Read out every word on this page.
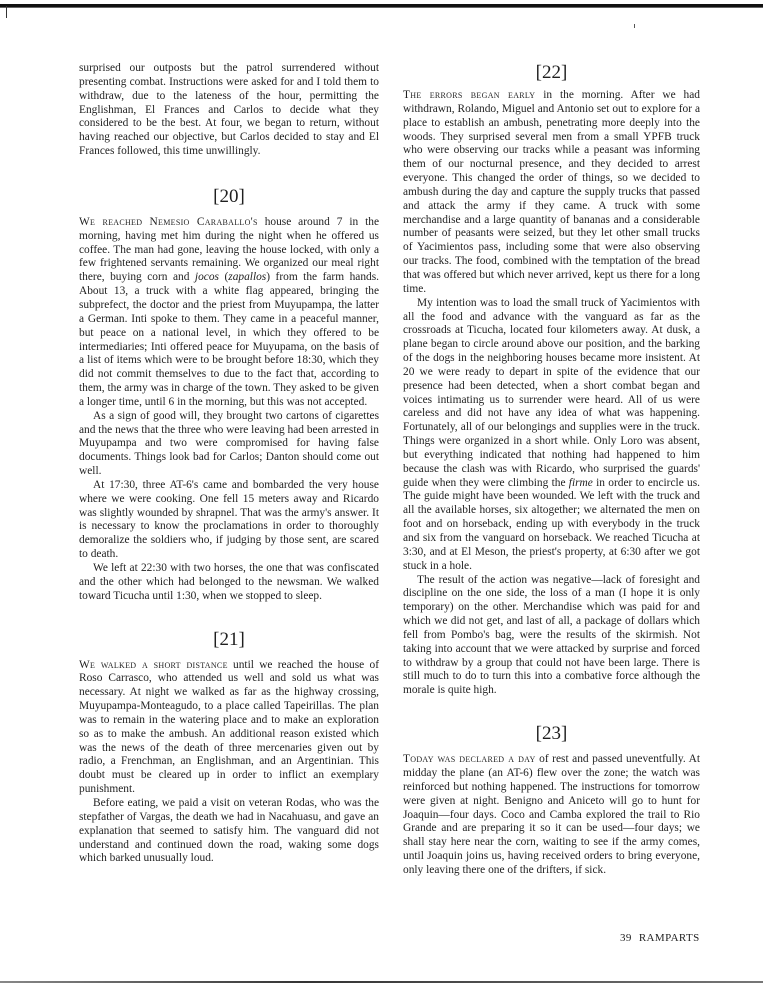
surprised our outposts but the patrol surrendered without presenting combat. Instructions were asked for and I told them to withdraw, due to the lateness of the hour, permitting the Englishman, El Frances and Carlos to decide what they considered to be the best. At four, we began to return, without having reached our objective, but Carlos decided to stay and El Frances followed, this time unwillingly.

[20]

We reached Nemesio Caraballo's house around 7 in the morning, having met him during the night when he offered us coffee. The man had gone, leaving the house locked, with only a few frightened servants remaining. We organized our meal right there, buying corn and jocos (zapallos) from the farm hands. About 13, a truck with a white flag appeared, bringing the subprefect, the doctor and the priest from Muyupampa, the latter a German. Inti spoke to them. They came in a peaceful manner, but peace on a national level, in which they offered to be intermediaries; Inti offered peace for Muyupama, on the basis of a list of items which were to be brought before 18:30, which they did not commit themselves to due to the fact that, according to them, the army was in charge of the town. They asked to be given a longer time, until 6 in the morning, but this was not accepted.

As a sign of good will, they brought two cartons of cigarettes and the news that the three who were leaving had been arrested in Muyupampa and two were compromised for having false documents. Things look bad for Carlos; Danton should come out well.

At 17:30, three AT-6's came and bombarded the very house where we were cooking. One fell 15 meters away and Ricardo was slightly wounded by shrapnel. That was the army's answer. It is necessary to know the proclamations in order to thoroughly demoralize the soldiers who, if judging by those sent, are scared to death.

We left at 22:30 with two horses, the one that was confiscated and the other which had belonged to the newsman. We walked toward Ticucha until 1:30, when we stopped to sleep.

[21]

We walked a short distance until we reached the house of Roso Carrasco, who attended us well and sold us what was necessary. At night we walked as far as the highway crossing, Muyupampa-Monteagudo, to a place called Tapeirillas. The plan was to remain in the watering place and to make an exploration so as to make the ambush. An additional reason existed which was the news of the death of three mercenaries given out by radio, a Frenchman, an Englishman, and an Argentinian. This doubt must be cleared up in order to inflict an exemplary punishment.

Before eating, we paid a visit on veteran Rodas, who was the stepfather of Vargas, the death we had in Nacahuasu, and gave an explanation that seemed to satisfy him. The vanguard did not understand and continued down the road, waking some dogs which barked unusually loud.

[22]

The errors began early in the morning. After we had withdrawn, Rolando, Miguel and Antonio set out to explore for a place to establish an ambush, penetrating more deeply into the woods. They surprised several men from a small YPFB truck who were observing our tracks while a peasant was informing them of our nocturnal presence, and they decided to arrest everyone. This changed the order of things, so we decided to ambush during the day and capture the supply trucks that passed and attack the army if they came. A truck with some merchandise and a large quantity of bananas and a considerable number of peasants were seized, but they let other small trucks of Yacimientos pass, including some that were also observing our tracks. The food, combined with the temptation of the bread that was offered but which never arrived, kept us there for a long time.

My intention was to load the small truck of Yacimientos with all the food and advance with the vanguard as far as the crossroads at Ticucha, located four kilometers away. At dusk, a plane began to circle around above our position, and the barking of the dogs in the neighboring houses became more insistent. At 20 we were ready to depart in spite of the evidence that our presence had been detected, when a short combat began and voices intimating us to surrender were heard. All of us were careless and did not have any idea of what was happening. Fortunately, all of our belongings and supplies were in the truck. Things were organized in a short while. Only Loro was absent, but everything indicated that nothing had happened to him because the clash was with Ricardo, who surprised the guards' guide when they were climbing the firme in order to encircle us. The guide might have been wounded. We left with the truck and all the available horses, six altogether; we alternated the men on foot and on horseback, ending up with everybody in the truck and six from the vanguard on horseback. We reached Ticucha at 3:30, and at El Meson, the priest's property, at 6:30 after we got stuck in a hole.

The result of the action was negative—lack of foresight and discipline on the one side, the loss of a man (I hope it is only temporary) on the other. Merchandise which was paid for and which we did not get, and last of all, a package of dollars which fell from Pombo's bag, were the results of the skirmish. Not taking into account that we were attacked by surprise and forced to withdraw by a group that could not have been large. There is still much to do to turn this into a combative force although the morale is quite high.

[23]

Today was declared a day of rest and passed uneventfully. At midday the plane (an AT-6) flew over the zone; the watch was reinforced but nothing happened. The instructions for tomorrow were given at night. Benigno and Aniceto will go to hunt for Joaquin—four days. Coco and Camba explored the trail to Rio Grande and are preparing it so it can be used—four days; we shall stay here near the corn, waiting to see if the army comes, until Joaquin joins us, having received orders to bring everyone, only leaving there one of the drifters, if sick.

39 RAMPARTS
